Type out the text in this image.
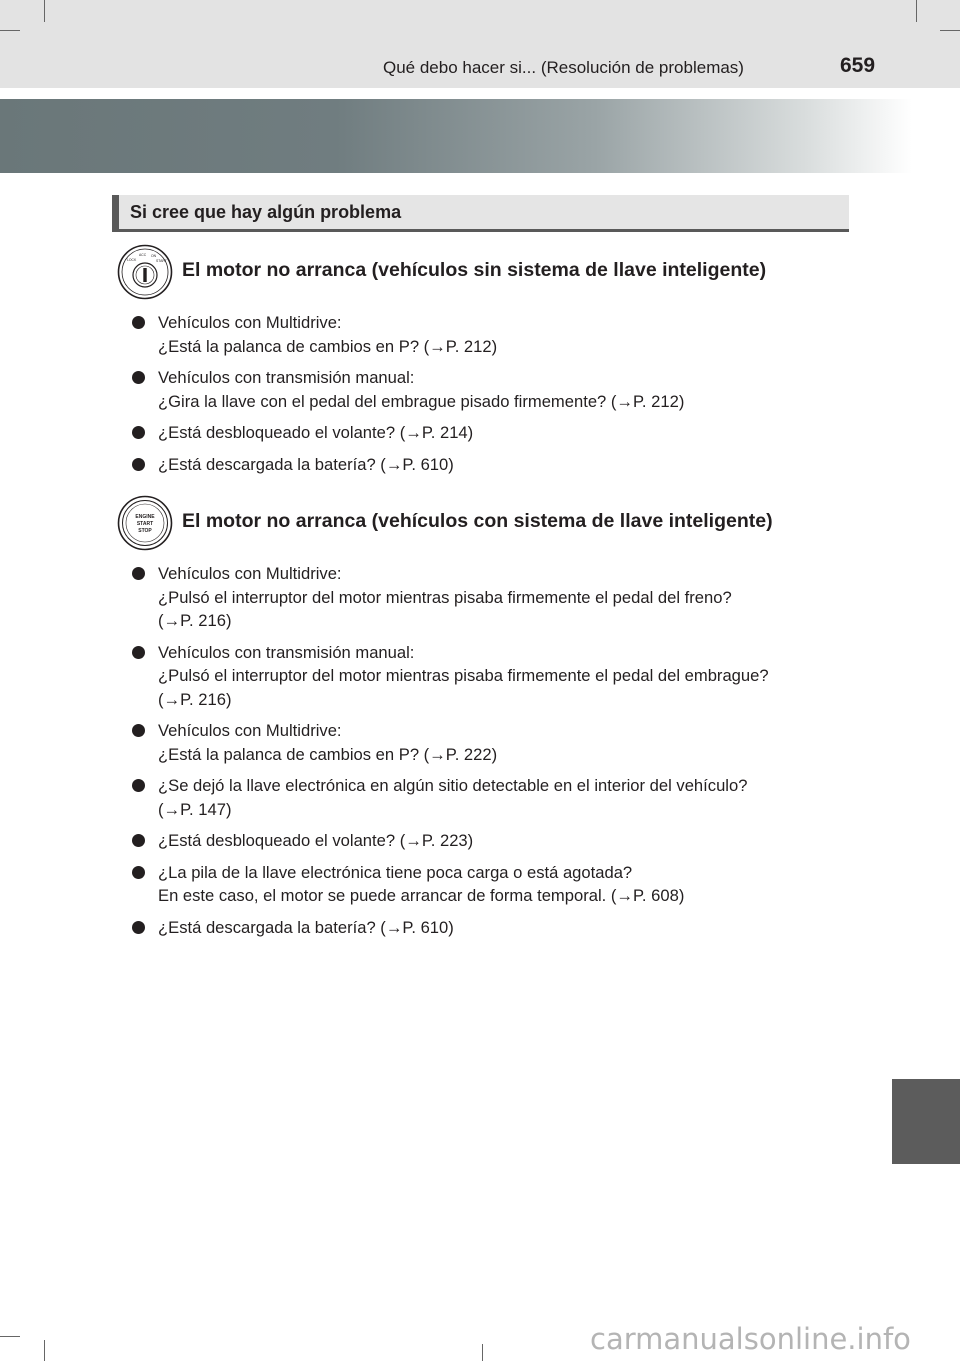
Qué debo hacer si... (Resolución de problemas)	659
Si cree que hay algún problema
LOCK
ACC ON
START El motor no arranca (vehículos sin sistema de llave inteligente)
Vehículos con Multidrive:
¿Está la palanca de cambios en P? (→P. 212)
Vehículos con transmisión manual:
¿Gira la llave con el pedal del embrague pisado firmemente? (→P. 212)
¿Está desbloqueado el volante? (→P. 214)
¿Está descargada la batería? (→P. 610)
ENGINE
START
STOP El motor no arranca (vehículos con sistema de llave inteligente)
Vehículos con Multidrive:
¿Pulsó el interruptor del motor mientras pisaba firmemente el pedal del freno?
(→P. 216)
Vehículos con transmisión manual:
¿Pulsó el interruptor del motor mientras pisaba firmemente el pedal del embrague?
(→P. 216)
Vehículos con Multidrive:
¿Está la palanca de cambios en P? (→P. 222)
¿Se dejó la llave electrónica en algún sitio detectable en el interior del vehículo?
(→P. 147)
¿Está desbloqueado el volante? (→P. 223)
¿La pila de la llave electrónica tiene poca carga o está agotada?
En este caso, el motor se puede arrancar de forma temporal. (→P. 608)
¿Está descargada la batería? (→P. 610)
carmanualsonline.info
